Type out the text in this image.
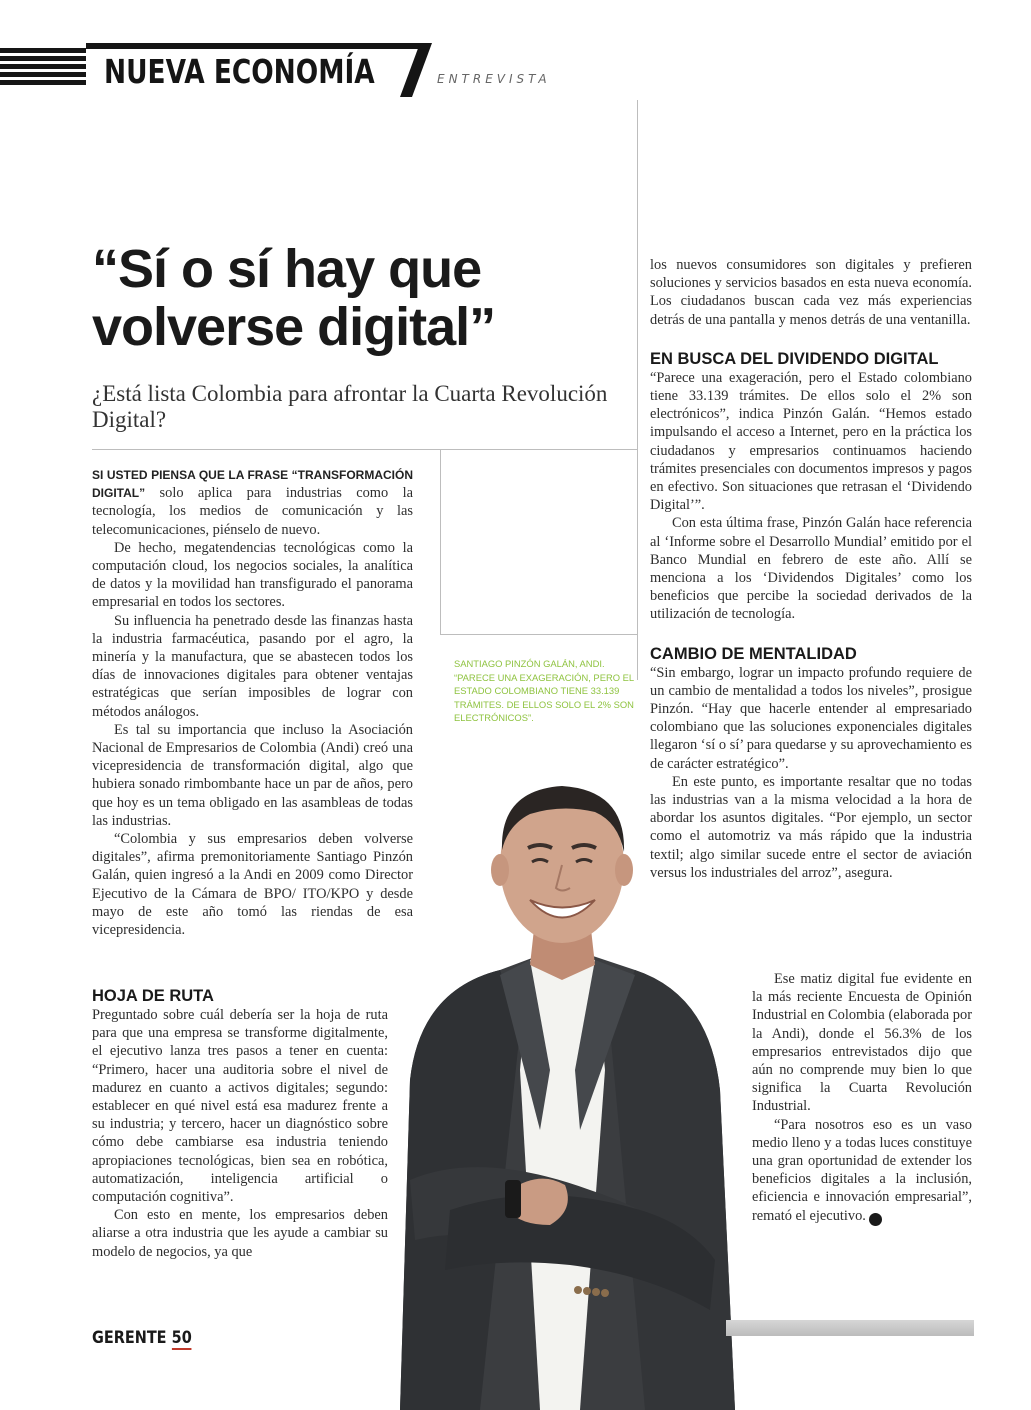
NUEVA ECONOMÍA	ENTREVISTA
“Sí o sí hay que
volverse digital”
¿Está lista Colombia para afrontar la Cuarta Revolución Digital?

SI USTED PIENSA QUE LA FRASE “TRANSFORMACIÓN DIGITAL” solo aplica para industrias como la tecnología, los medios de comunicación y las telecomunicaciones, piénselo de nuevo.

De hecho, megatendencias tecnológicas como la computación cloud, los negocios sociales, la analítica de datos y la movilidad han transfigurado el panorama empresarial en todos los sectores.

Su influencia ha penetrado desde las finanzas hasta la industria farmacéutica, pasando por el agro, la minería y la manufactura, que se abastecen todos los días de innovaciones digitales para obtener ventajas estratégicas que serían imposibles de lograr con métodos análogos.

Es tal su importancia que incluso la Asociación Nacional de Empresarios de Colombia (Andi) creó una vicepresidencia de transformación digital, algo que hubiera sonado rimbombante hace un par de años, pero que hoy es un tema obligado en las asambleas de todas las industrias.

“Colombia y sus empresarios deben volverse digitales”, afirma premonitoriamente Santiago Pinzón Galán, quien ingresó a la Andi en 2009 como Director Ejecutivo de la Cámara de BPO/ ITO/KPO y desde mayo de este año tomó las riendas de esa vicepresidencia.

HOJA DE RUTA

Preguntado sobre cuál debería ser la hoja de ruta para que una empresa se transforme digitalmente, el ejecutivo lanza tres pasos a tener en cuenta: “Primero, hacer una auditoria sobre el nivel de madurez en cuanto a activos digitales; segundo: establecer en qué nivel está esa madurez frente a su industria; y tercero, hacer un diagnóstico sobre cómo debe cambiarse esa industria teniendo apropiaciones tecnológicas, bien sea en robótica, automatización, inteligencia artificial o computación cognitiva”.

Con esto en mente, los empresarios deben aliarse a otra industria que les ayude a cambiar su modelo de negocios, ya que

SANTIAGO PINZÓN GALÁN, ANDI. “PARECE UNA EXAGERACIÓN, PERO EL ESTADO COLOMBIANO TIENE 33.139 TRÁMITES. DE ELLOS SOLO EL 2% SON ELECTRÓNICOS”.

los nuevos consumidores son digitales y prefieren soluciones y servicios basados en esta nueva economía. Los ciudadanos buscan cada vez más experiencias detrás de una pantalla y menos detrás de una ventanilla.

EN BUSCA DEL DIVIDENDO DIGITAL

“Parece una exageración, pero el Estado colombiano tiene 33.139 trámites. De ellos solo el 2% son electrónicos”, indica Pinzón Galán. “Hemos estado impulsando el acceso a Internet, pero en la práctica los ciudadanos y empresarios continuamos haciendo trámites presenciales con documentos impresos y pagos en efectivo. Son situaciones que retrasan el ‘Dividendo Digital’”.

Con esta última frase, Pinzón Galán hace referencia al ‘Informe sobre el Desarrollo Mundial’ emitido por el Banco Mundial en febrero de este año. Allí se menciona a los ‘Dividendos Digitales’ como los beneficios que percibe la sociedad derivados de la utilización de tecnología.

CAMBIO DE MENTALIDAD

“Sin embargo, lograr un impacto profundo requiere de un cambio de mentalidad a todos los niveles”, prosigue Pinzón. “Hay que hacerle entender al empresariado colombiano que las soluciones exponenciales digitales llegaron ‘sí o sí’ para quedarse y su aprovechamiento es de carácter estratégico”.

En este punto, es importante resaltar que no todas las industrias van a la misma velocidad a la hora de abordar los asuntos digitales. “Por ejemplo, un sector como el automotriz va más rápido que la industria textil; algo similar sucede entre el sector de aviación versus los industriales del arroz”, asegura.

Ese matiz digital fue evidente en la más reciente Encuesta de Opinión Industrial en Colombia (elaborada por la Andi), donde el 56.3% de los empresarios entrevistados dijo que aún no comprende muy bien lo que significa la Cuarta Revolución Industrial.

“Para nosotros eso es un vaso medio lleno y a todas luces constituye una gran oportunidad de extender los beneficios digitales a la inclusión, eficiencia e innovación empresarial”, remató el ejecutivo.	G

GERENTE 50
